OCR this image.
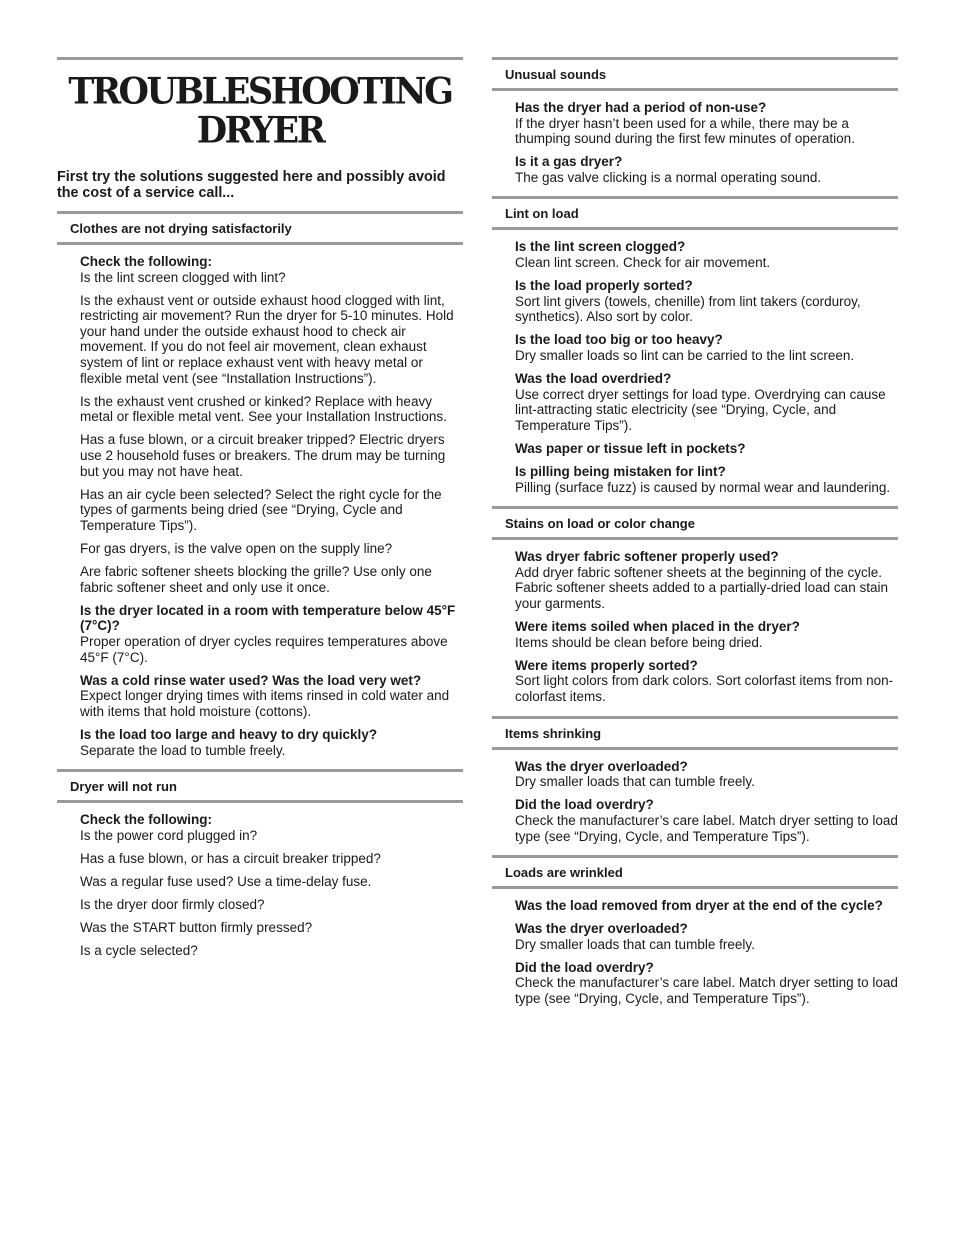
TROUBLESHOOTING
DRYER
First try the solutions suggested here and possibly avoid the cost of a service call...
Clothes are not drying satisfactorily
Check the following:
Is the lint screen clogged with lint?
Is the exhaust vent or outside exhaust hood clogged with lint, restricting air movement? Run the dryer for 5-10 minutes. Hold your hand under the outside exhaust hood to check air movement. If you do not feel air movement, clean exhaust system of lint or replace exhaust vent with heavy metal or flexible metal vent (see “Installation Instructions”).
Is the exhaust vent crushed or kinked? Replace with heavy metal or flexible metal vent. See your Installation Instructions.
Has a fuse blown, or a circuit breaker tripped? Electric dryers use 2 household fuses or breakers. The drum may be turning but you may not have heat.
Has an air cycle been selected? Select the right cycle for the types of garments being dried (see “Drying, Cycle and Temperature Tips”).
For gas dryers, is the valve open on the supply line?
Are fabric softener sheets blocking the grille? Use only one fabric softener sheet and only use it once.
Is the dryer located in a room with temperature below 45°F (7°C)?
Proper operation of dryer cycles requires temperatures above 45°F (7°C).
Was a cold rinse water used? Was the load very wet?
Expect longer drying times with items rinsed in cold water and with items that hold moisture (cottons).
Is the load too large and heavy to dry quickly?
Separate the load to tumble freely.
Dryer will not run
Check the following:
Is the power cord plugged in?
Has a fuse blown, or has a circuit breaker tripped?
Was a regular fuse used? Use a time-delay fuse.
Is the dryer door firmly closed?
Was the START button firmly pressed?
Is a cycle selected?
Unusual sounds
Has the dryer had a period of non-use?
If the dryer hasn’t been used for a while, there may be a thumping sound during the first few minutes of operation.
Is it a gas dryer?
The gas valve clicking is a normal operating sound.
Lint on load
Is the lint screen clogged?
Clean lint screen. Check for air movement.
Is the load properly sorted?
Sort lint givers (towels, chenille) from lint takers (corduroy, synthetics). Also sort by color.
Is the load too big or too heavy?
Dry smaller loads so lint can be carried to the lint screen.
Was the load overdried?
Use correct dryer settings for load type. Overdrying can cause lint-attracting static electricity (see “Drying, Cycle, and Temperature Tips”).
Was paper or tissue left in pockets?
Is pilling being mistaken for lint?
Pilling (surface fuzz) is caused by normal wear and laundering.
Stains on load or color change
Was dryer fabric softener properly used?
Add dryer fabric softener sheets at the beginning of the cycle. Fabric softener sheets added to a partially-dried load can stain your garments.
Were items soiled when placed in the dryer?
Items should be clean before being dried.
Were items properly sorted?
Sort light colors from dark colors. Sort colorfast items from non-colorfast items.
Items shrinking
Was the dryer overloaded?
Dry smaller loads that can tumble freely.
Did the load overdry?
Check the manufacturer’s care label. Match dryer setting to load type (see “Drying, Cycle, and Temperature Tips”).
Loads are wrinkled
Was the load removed from dryer at the end of the cycle?
Was the dryer overloaded?
Dry smaller loads that can tumble freely.
Did the load overdry?
Check the manufacturer’s care label. Match dryer setting to load type (see “Drying, Cycle, and Temperature Tips”).
